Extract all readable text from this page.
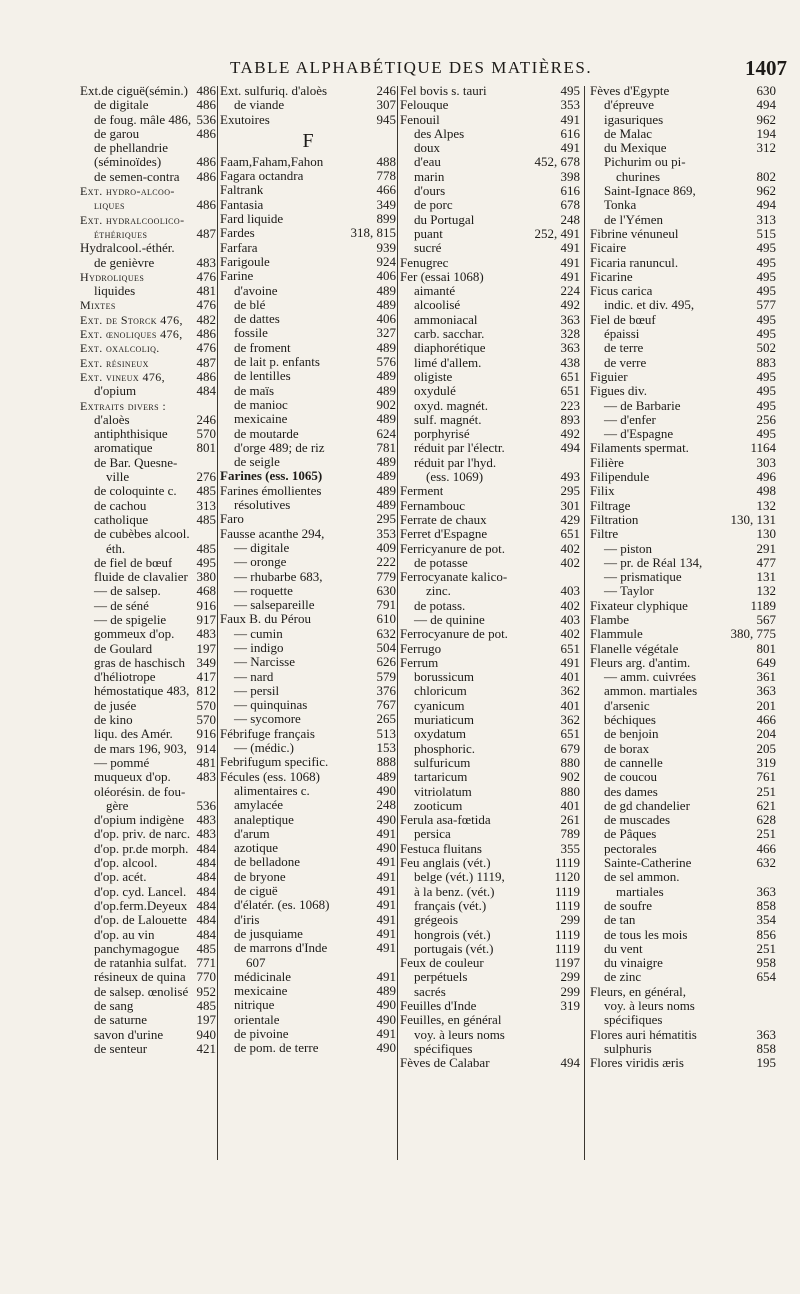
TABLE ALPHABÉTIQUE DES MATIÈRES.	1407
Ext.de ciguë(sémin.) 486
de digitale	486
de foug. mâle 486, 536
de garou	486
de phellandrie
(séminoïdes)	486
de semen-contra 486
Ext. hydro-alcoo-
liques	486
Ext. hydralcoolico-
éthériques	487
Hydralcool.-éthér.
de genièvre	483
Hydroliques	476
liquides	481
Mixtes	476
Ext. de Storck 476, 482
Ext. œnoliques 476, 486
Ext. oxalcoliq.	476
Ext. résineux	487
Ext. vineux 476, 486
d'opium	484
Extraits divers :
d'aloès	246
antiphthisique 570
aromatique	801
de Bar. Quesne-
ville	276
de coloquinte c. 485
de cachou	313
catholique	485
de cubèbes alcool.
éth.	485
de fiel de bœuf 495
fluide de clavalier 380
— de salsep.	468
— de séné	916
— de spigelie 917
gommeux d'op. 483
de Goulard	197
gras de haschisch 349
d'héliotrope	417
hémostatique 483, 812
de jusée	570
de kino	570
liqu. des Amér. 916
de mars 196, 903, 914
— pommé	481
muqueux d'op. 483
oléorésin. de fou-
gère	536
d'opium indigène 483
d'op. priv. de narc. 483
d'op. pr.de morph. 484
d'op. alcool.	484
d'op. acét.	484
d'op. cyd. Lancel. 484
d'op.ferm.Deyeux 484
d'op. de Lalouette 484
d'op. au vin	484
panchymagogue 485
de ratanhia sulfat. 771
résineux de quina 770
de salsep. œnolisé 952
de sang	485
de saturne	197
savon d'urine	940
de senteur	421
Ext. sulfuriq. d'aloès	246
de viande	307
Exutoires	945
F
Faam,Faham,Fahon	488
Fagara octandra	778
Faltrank	466
Fantasia	349
Fard liquide	899
Fardes	318, 815
Farfara	939
Farigoule	924
Farine	406
d'avoine	489
de blé	489
de dattes	406
fossile	327
de froment	489
de lait p. enfants	576
de lentilles	489
de maïs	489
de manioc	902
mexicaine	489
de moutarde	624
d'orge 489; de riz	781
de seigle	489
Farines (ess. 1065)	489
Farines émollientes	489
résolutives	489
Faro	295
Fausse acanthe 294,	353
— digitale	409
— oronge	222
— rhubarbe 683,	779
— roquette	630
— salsepareille	791
Faux B. du Pérou	610
— cumin	632
— indigo	504
— Narcisse	626
— nard	579
— persil	376
— quinquinas	767
— sycomore	265
Fébrifuge français	513
— (médic.)	153
Febrifugum specific.	888
Fécules (ess. 1068)	489
alimentaires c.	490
amylacée	248
analeptique	490
d'arum	491
azotique	490
de belladone	491
de bryone	491
de ciguë	491
d'élatér. (es. 1068)	491
d'iris	491
de jusquiame	491
de marrons d'Inde	491
607
médicinale	491
mexicaine	489
nitrique	490
orientale	490
de pivoine	491
de pom. de terre	490
Fel bovis s. tauri	495
Felouque	353
Fenouil	491
des Alpes	616
doux	491
d'eau	452, 678
marin	398
d'ours	616
de porc	678
du Portugal	248
puant	252, 491
sucré	491
Fenugrec	491
Fer (essai 1068)	491
aimanté	224
alcoolisé	492
ammoniacal	363
carb. sacchar.	328
diaphorétique	363
limé d'allem.	438
oligiste	651
oxydulé	651
oxyd. magnét.	223
sulf. magnét.	893
porphyrisé	492
réduit par l'électr.	494
réduit par l'hyd.
(ess. 1069)	493
Ferment	295
Fernambouc	301
Ferrate de chaux	429
Ferret d'Espagne	651
Ferricyanure de pot.	402
de potasse	402
Ferrocyanate kalico-
zinc.	403
de potass.	402
— de quinine	403
Ferrocyanure de pot.	402
Ferrugo	651
Ferrum	491
borussicum	401
chloricum	362
cyanicum	401
muriaticum	362
oxydatum	651
phosphoric.	679
sulfuricum	880
tartaricum	902
vitriolatum	880
zooticum	401
Ferula asa-fœtida	261
persica	789
Festuca fluitans	355
Feu anglais (vét.)	1119
belge (vét.) 1119,	1120
à la benz. (vét.)	1119
français (vét.)	1119
grégeois	299
hongrois (vét.)	1119
portugais (vét.)	1119
Feux de couleur	1197
perpétuels	299
sacrés	299
Feuilles d'Inde	319
Feuilles, en général
voy. à leurs noms
spécifiques
Fèves de Calabar	494
Fèves d'Egypte	630
d'épreuve	494
igasuriques	962
de Malac	194
du Mexique	312
Pichurim ou pi-
churines	802
Saint-Ignace 869,	962
Tonka	494
de l'Yémen	313
Fibrine vénuneul	515
Ficaire	495
Ficaria ranuncul.	495
Ficarine	495
Ficus carica	495
indic. et div. 495,	577
Fiel de bœuf	495
épaissi	495
de terre	502
de verre	883
Figuier	495
Figues div.	495
— de Barbarie	495
— d'enfer	256
— d'Espagne	495
Filaments spermat.	1164
Filière	303
Filipendule	496
Filix	498
Filtrage	132
Filtration	130, 131
Filtre	130
— piston	291
— pr. de Réal 134,	477
— prismatique	131
— Taylor	132
Fixateur clyphique	1189
Flambe	567
Flammule	380, 775
Flanelle végétale	801
Fleurs arg. d'antim.	649
— amm. cuivrées	361
ammon. martiales	363
d'arsenic	201
béchiques	466
de benjoin	204
de borax	205
de cannelle	319
de coucou	761
des dames	251
de gd chandelier	621
de muscades	628
de Pâques	251
pectorales	466
Sainte-Catherine	632
de sel ammon.
martiales	363
de soufre	858
de tan	354
de tous les mois	856
du vent	251
du vinaigre	958
de zinc	654
Fleurs, en général,
voy. à leurs noms
spécifiques
Flores auri hématitis	363
sulphuris	858
Flores viridis æris	195
